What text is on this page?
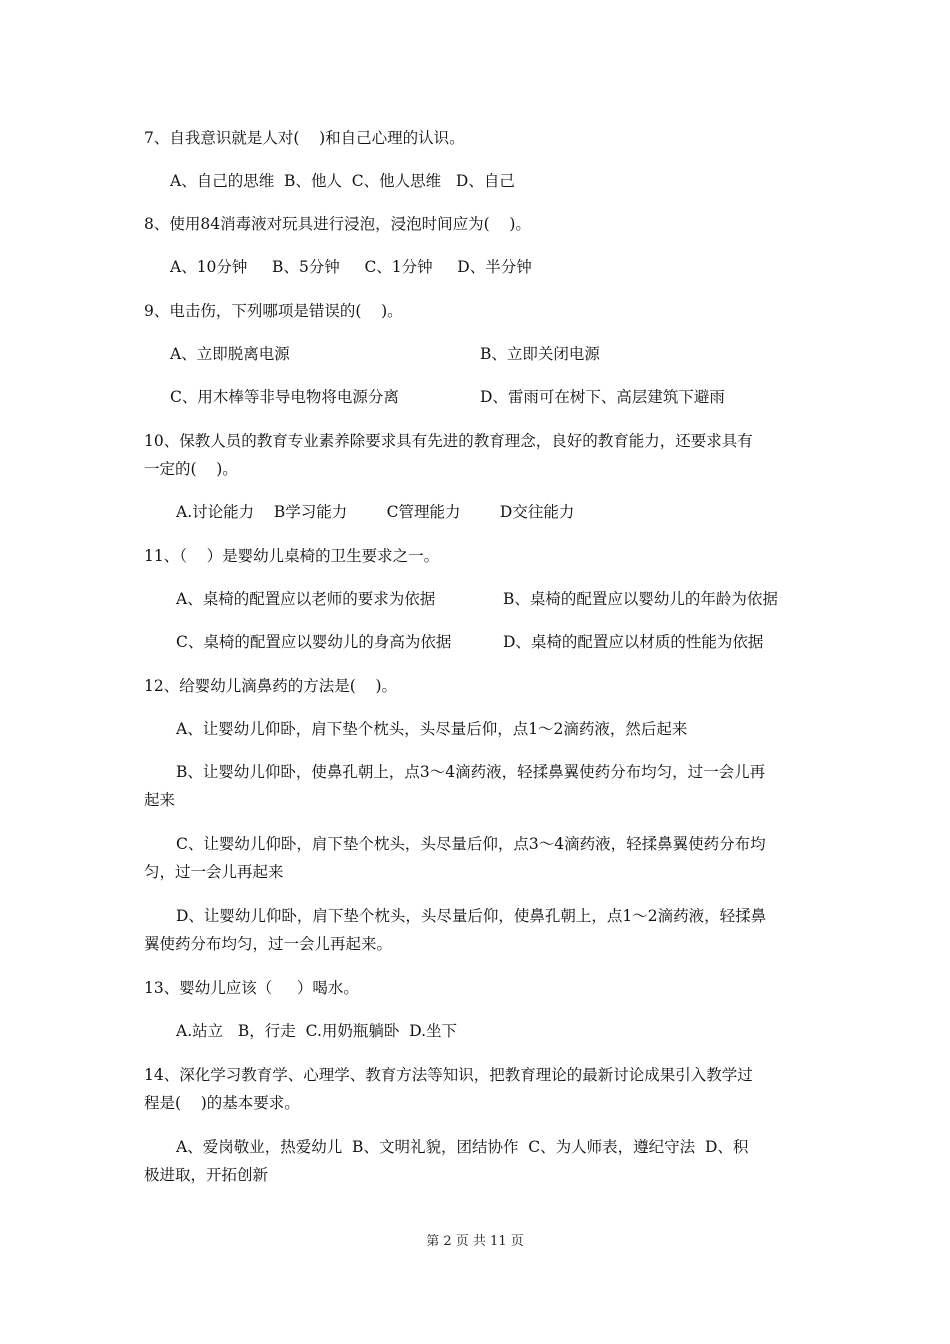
7、自我意识就是人对(    )和自己心理的认识。
A、自己的思维  B、他人  C、他人思维   D、自己
8、使用84消毒液对玩具进行浸泡，浸泡时间应为(    )。
A、10分钟     B、5分钟     C、1分钟     D、半分钟
9、电击伤，下列哪项是错误的(    )。
A、立即脱离电源	B、立即关闭电源
C、用木棒等非导电物将电源分离	D、雷雨可在树下、高层建筑下避雨
10、保教人员的教育专业素养除要求具有先进的教育理念，良好的教育能力，还要求具有
一定的(    )。
A.讨论能力    B学习能力        C管理能力        D交往能力
11、（    ）是婴幼儿桌椅的卫生要求之一。
A、桌椅的配置应以老师的要求为依据	B、桌椅的配置应以婴幼儿的年龄为依据
C、桌椅的配置应以婴幼儿的身高为依据	D、桌椅的配置应以材质的性能为依据
12、给婴幼儿滴鼻药的方法是(    )。
A、让婴幼儿仰卧，肩下垫个枕头，头尽量后仰，点1～2滴药液，然后起来
B、让婴幼儿仰卧，使鼻孔朝上，点3～4滴药液，轻揉鼻翼使药分布均匀，过一会儿再
起来
C、让婴幼儿仰卧，肩下垫个枕头，头尽量后仰，点3～4滴药液，轻揉鼻翼使药分布均
匀，过一会儿再起来
D、让婴幼儿仰卧，肩下垫个枕头，头尽量后仰，使鼻孔朝上，点1～2滴药液，轻揉鼻
翼使药分布均匀，过一会儿再起来。
13、婴幼儿应该（     ）喝水。
A.站立   B，行走  C.用奶瓶躺卧  D.坐下
14、深化学习教育学、心理学、教育方法等知识，把教育理论的最新讨论成果引入教学过
程是(    )的基本要求。
A、爱岗敬业，热爱幼儿  B、文明礼貌，团结协作  C、为人师表，遵纪守法  D、积
极进取，开拓创新
第 2 页 共 11 页
